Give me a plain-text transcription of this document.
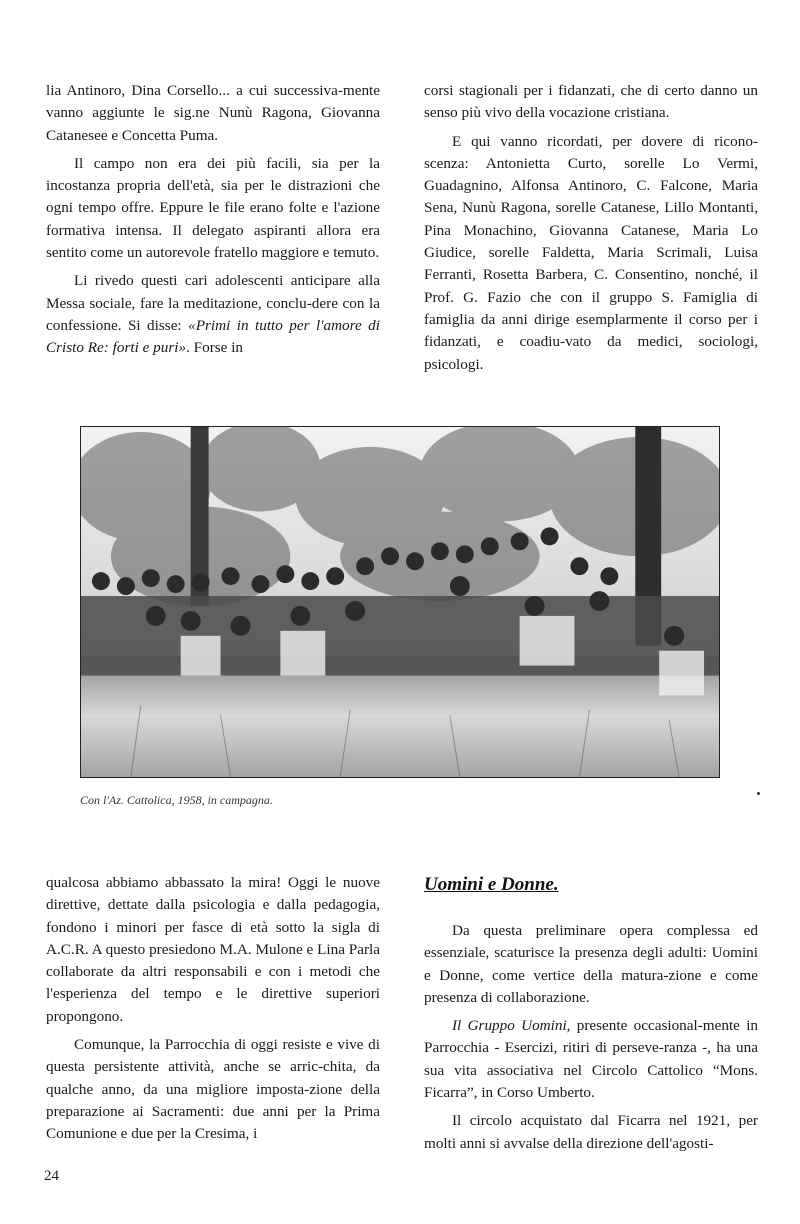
lia Antinoro, Dina Corsello... a cui successiva-mente vanno aggiunte le sig.ne Nunù Ragona, Giovanna Catanesee e Concetta Puma.

Il campo non era dei più facili, sia per la incostanza propria dell'età, sia per le distrazioni che ogni tempo offre. Eppure le file erano folte e l'azione formativa intensa. Il delegato aspiranti allora era sentito come un autorevole fratello maggiore e temuto.

Li rivedo questi cari adolescenti anticipare alla Messa sociale, fare la meditazione, conclu-dere con la confessione. Si disse: «Primi in tutto per l'amore di Cristo Re: forti e puri». Forse in

corsi stagionali per i fidanzati, che di certo danno un senso più vivo della vocazione cristiana.

E qui vanno ricordati, per dovere di ricono-scenza: Antonietta Curto, sorelle Lo Vermi, Guadagnino, Alfonsa Antinoro, C. Falcone, Maria Sena, Nunù Ragona, sorelle Catanese, Lillo Montanti, Pina Monachino, Giovanna Catanese, Maria Lo Giudice, sorelle Faldetta, Maria Scrimali, Luisa Ferranti, Rosetta Barbera, C. Consentino, nonché, il Prof. G. Fazio che con il gruppo S. Famiglia di famiglia da anni dirige esemplarmente il corso per i fidanzati, e coadiu-vato da medici, sociologi, psicologi.

Con l'Az. Cattolica, 1958, in campagna.

qualcosa abbiamo abbassato la mira! Oggi le nuove direttive, dettate dalla psicologia e dalla pedagogia, fondono i minori per fasce di età sotto la sigla di A.C.R. A questo presiedono M.A. Mulone e Lina Parla collaborate da altri responsabili e con i metodi che l'esperienza del tempo e le direttive superiori propongono.

Comunque, la Parrocchia di oggi resiste e vive di questa persistente attività, anche se arric-chita, da qualche anno, da una migliore imposta-zione della preparazione ai Sacramenti: due anni per la Prima Comunione e due per la Cresima, i

Uomini e Donne.

Da questa preliminare opera complessa ed essenziale, scaturisce la presenza degli adulti: Uomini e Donne, come vertice della matura-zione e come presenza di collaborazione.

Il Gruppo Uomini, presente occasional-mente in Parrocchia - Esercizi, ritiri di persevе-ranza -, ha una sua vita associativa nel Circolo Cattolico “Mons. Ficarra”, in Corso Umberto.

Il circolo acquistato dal Ficarra nel 1921, per molti anni si avvalse della direzione dell'agosti-

24
